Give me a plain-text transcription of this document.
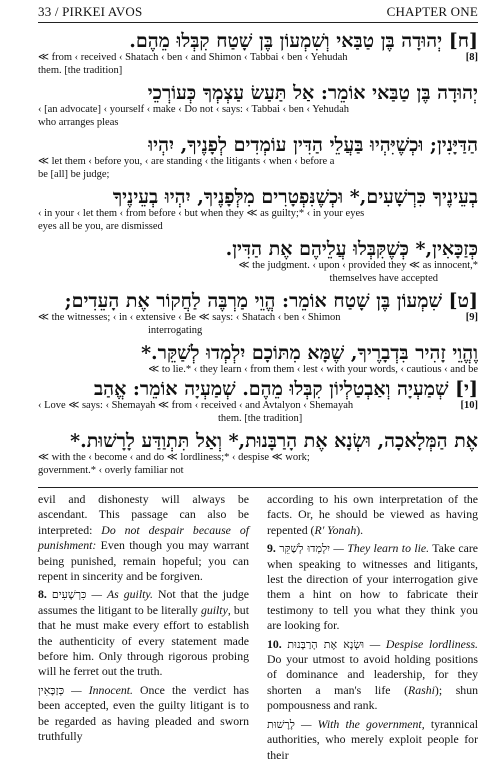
33 / PIRKEI AVOS	CHAPTER ONE
[ח] יְהוּדָה בֶּן טַבַּאי וְשִׁמְעוֹן בֶּן שָׁטַח קִבְּלוּ מֵהֶם.
≪ from ‹ received ‹ Shatach ‹ ben ‹ and Shimon ‹ Tabbai ‹ ben ‹ Yehudah	[8]
them. [the tradition]
יְהוּדָה בֶּן טַבַּאי אוֹמֵר: אַל תַּעַשׂ עַצְמְךָ כְּעוֹרְכֵי
‹ [an advocate] ‹ yourself ‹ make ‹ Do not ‹ says: ‹ Tabbai ‹ ben ‹ Yehudah
who arranges pleas
הַדַּיָּנִין; וּכְשֶׁיִּהְיוּ בַּעֲלֵי הַדִּין עוֹמְדִים לְפָנֶיךָ, יִהְיוּ
≪ let them ‹ before you, ‹ are standing ‹ the litigants ‹ when ‹ before a
be [all] be judge;
בְעֵינֶיךָ כִּרְשָׁעִים,* וּכְשֶׁנִּפְטָרִים מִלְּפָנֶיךָ, יִהְיוּ בְעֵינֶיךָ
‹ in your ‹ let them ‹ from before ‹ but when they ≪ as guilty;* ‹ in your eyes
eyes all be you, are dismissed
כְּזַכָּאִין,* כְּשֶׁקִּבְּלוּ עֲלֵיהֶם אֶת הַדִּין.
≪ the judgment. ‹ upon ‹ provided they ≪ as innocent,*
themselves have accepted
[ט] שִׁמְעוֹן בֶּן שָׁטַח אוֹמֵר: הֱוֵי מַרְבֶּה לַחֲקוֹר אֶת הָעֵדִים;
≪ the witnesses; ‹ in ‹ extensive ‹ Be ≪ says: ‹ Shatach ‹ ben ‹ Shimon	[9]
interrogating
וֶהֱוֵי זָהִיר בִּדְבָרֶיךָ, שֶׁמָּא מִתּוֹכָם יִלְמְדוּ לְשַׁקֵּר.*
≪ to lie.* ‹ they learn ‹ from them ‹ lest ‹ with your words, ‹ cautious ‹ and be
[י] שְׁמַעְיָה וְאַבְטַלְיוֹן קִבְּלוּ מֵהֶם. שְׁמַעְיָה אוֹמֵר: אֱהַב
‹ Love ≪ says: ‹ Shemayah ≪ from ‹ received ‹ and Avtalyon ‹ Shemayah	[10]
them. [the tradition]
אֶת הַמְּלָאכָה, וּשְׂנָא אֶת הָרַבָּנוּת,* וְאַל תִּתְוַדַּע לָרָשׁוּת.*
≪ with the ‹ become ‹ and do ≪ lordliness;* ‹ despise ≪ work;
government.* ‹ overly familiar not

evil and dishonesty will always be ascendant. This passage can also be interpreted: Do not despair because of punishment: Even though you may warrant being punished, remain hopeful; you can repent in sincerity and be forgiven.

8. כִּרְשָׁעִים — As guilty. Not that the judge assumes the litigant to be literally guilty, but that he must make every effort to establish the authenticity of every statement made before him. Only through rigorous probing will he ferret out the truth.

כְּזַכָּאִין — Innocent. Once the verdict has been accepted, even the guilty litigant is to be regarded as having pleaded and sworn truthfully

according to his own interpretation of the facts. Or, he should be viewed as having repented (R' Yonah).

9. יִלְמְדוּ לְשַׁקֵּר — They learn to lie. Take care when speaking to witnesses and litigants, lest the direction of your interrogation give them a hint on how to fabricate their testimony to tell you what they think you are looking for.

10. וּשְׂנָא אֶת הָרַבָּנוּת — Despise lordliness. Do your utmost to avoid holding positions of dominance and leadership, for they shorten a man's life (Rashi); shun pompousness and rank.

לָרָשׁוּת — With the government, tyrannical authorities, who merely exploit people for their
